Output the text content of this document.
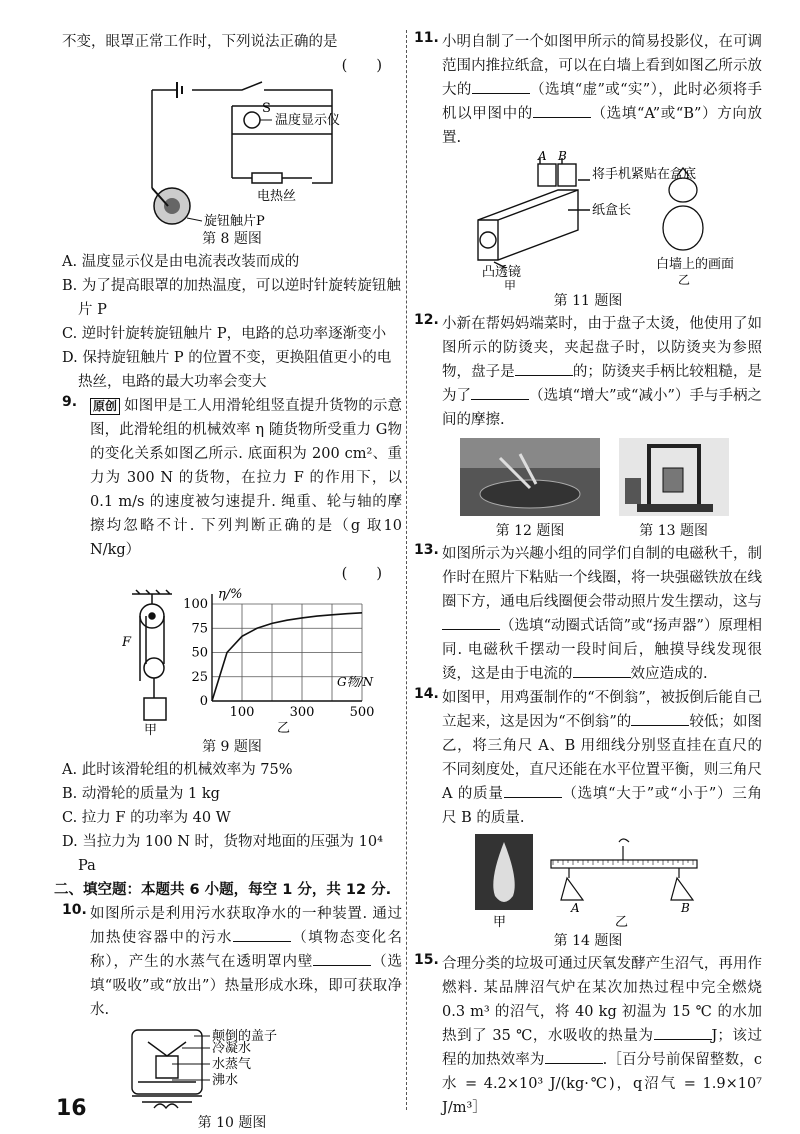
不变，眼罩正常工作时，下列说法正确的是

(　　)
S
温度显示仪
电热丝
旋钮触片P
第 8 题图

A. 温度显示仪是由电流表改装而成的

B. 为了提高眼罩的加热温度，可以逆时针旋转旋钮触片 P

C. 逆时针旋转旋钮触片 P，电路的总功率逐渐变小

D. 保持旋钮触片 P 的位置不变，更换阻值更小的电热丝，电路的最大功率会变大

9. 原创 如图甲是工人用滑轮组竖直提升货物的示意图，此滑轮组的机械效率 η 随货物所受重力 G物 的变化关系如图乙所示. 底面积为 200 cm²、重力为 300 N 的货物，在拉力 F 的作用下，以 0.1 m/s 的速度被匀速提升. 绳重、轮与轴的摩擦均忽略不计. 下列判断正确的是（g 取10 N/kg）

(　　)
F
甲
0
25
50
75
100
100	300	500
η/%
G物/N
乙
第 9 题图

A. 此时该滑轮组的机械效率为 75%

B. 动滑轮的质量为 1 kg

C. 拉力 F 的功率为 40 W

D. 当拉力为 100 N 时，货物对地面的压强为 10⁴ Pa

二、填空题：本题共 6 小题，每空 1 分，共 12 分.
10. 如图所示是利用污水获取净水的一种装置. 通过加热使容器中的污水	（填物态变化名称），产生的水蒸气在透明罩内壁	（选填“吸收”或“放出”）热量形成水珠，即可获取净水.

颠倒的盖子
冷凝水
水蒸气
沸水
第 10 题图
11. 小明自制了一个如图甲所示的简易投影仪，在可调范围内推拉纸盒，可以在白墙上看到如图乙所示放大的	（选填“虚”或“实”），此时必须将手机以甲图中的	（选填“A”或“B”）方向放置.

A B
将手机紧贴在盒底
纸盒长
凸透镜
甲
白墙上的画面
乙
第 11 题图
12. 小新在帮妈妈端菜时，由于盘子太烫，他使用了如图所示的防烫夹，夹起盘子时，以防烫夹为参照物，盘子是	的；防烫夹手柄比较粗糙，是为了	（选填“增大”或“减小”）手与手柄之间的摩擦.

第 12 题图
	第 13 题图
13. 如图所示为兴趣小组的同学们自制的电磁秋千，制作时在照片下粘贴一个线圈，将一块强磁铁放在线圈下方，通电后线圈便会带动照片发生摆动，这与（选填“动圈式话筒”或“扬声器”）原理相同. 电磁秋千摆动一段时间后，触摸导线发现很烫，这是由于电流的	效应造成的.

14. 如图甲，用鸡蛋制作的“不倒翁”，被扳倒后能自己立起来，这是因为“不倒翁”的	较低；如图乙，将三角尺 A、B 用细线分别竖直挂在直尺的不同刻度处，直尺还能在水平位置平衡，则三角尺 A 的质量	（选填“大于”或“小于”）三角尺 B 的质量.

甲
A	B
乙
第 14 题图
15. 合理分类的垃圾可通过厌氧发酵产生沼气，再用作燃料. 某品牌沼气炉在某次加热过程中完全燃烧 0.3 m³ 的沼气，将 40 kg 初温为 15 ℃ 的水加热到了 35 ℃，水吸收的热量为	J；该过程的加热效率为	.［百分号前保留整数，c水 = 4.2×10³ J/(kg·℃)，q沼气 = 1.9×10⁷ J/m³］

16
